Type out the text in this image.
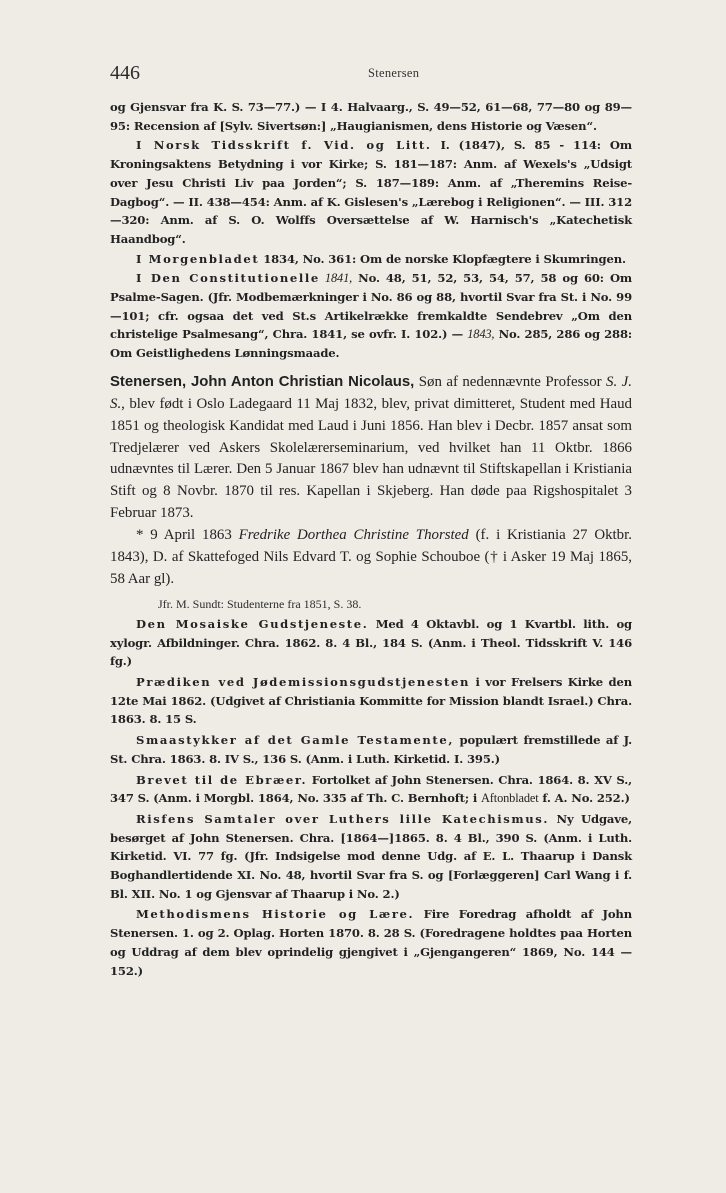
446	Stenersen

og Gjensvar fra K. S. 73—77.) — I 4. Halvaarg., S. 49—52, 61—68, 77—80 og 89—95: Recension af [Sylv. Sivertsøn:] „Haugianismen, dens Historie og Væsen“.

I Norsk Tidsskrift f. Vid. og Litt. I. (1847), S. 85 - 114: Om Kroningsaktens Betydning i vor Kirke; S. 181—187: Anm. af Wexels's „Udsigt over Jesu Christi Liv paa Jorden“; S. 187—189: Anm. af „Theremins Reise-Dagbog“. — II. 438—454: Anm. af K. Gislesen's „Lærebog i Religionen“. — III. 312—320: Anm. af S. O. Wolffs Oversættelse af W. Harnisch's „Katechetisk Haandbog“.

I Morgenbladet 1834, No. 361: Om de norske Klopfægtere i Skumringen.

I Den Constitutionelle 1841, No. 48, 51, 52, 53, 54, 57, 58 og 60: Om Psalme-Sagen. (Jfr. Modbemærkninger i No. 86 og 88, hvortil Svar fra St. i No. 99—101; cfr. ogsaa det ved St.s Artikelrække fremkaldte Sendebrev „Om den christelige Psalmesang“, Chra. 1841, se ovfr. I. 102.) — 1843, No. 285, 286 og 288: Om Geistlighedens Lønningsmaade.

Stenersen, John Anton Christian Nicolaus, Søn af nedennævnte Professor S. J. S., blev født i Oslo Ladegaard 11 Maj 1832, blev, privat dimitteret, Student med Haud 1851 og theologisk Kandidat med Laud i Juni 1856. Han blev i Decbr. 1857 ansat som Tredjelærer ved Askers Skolelærerseminarium, ved hvilket han 11 Oktbr. 1866 udnævntes til Lærer. Den 5 Januar 1867 blev han udnævnt til Stiftskapellan i Kristiania Stift og 8 Novbr. 1870 til res. Kapellan i Skjeberg. Han døde paa Rigshospitalet 3 Februar 1873.

* 9 April 1863 Fredrike Dorthea Christine Thorsted (f. i Kristiania 27 Oktbr. 1843), D. af Skattefoged Nils Edvard T. og Sophie Schouboe († i Asker 19 Maj 1865, 58 Aar gl).

Jfr. M. Sundt: Studenterne fra 1851, S. 38.

Den Mosaiske Gudstjeneste. Med 4 Oktavbl. og 1 Kvartbl. lith. og xylogr. Afbildninger. Chra. 1862. 8. 4 Bl., 184 S. (Anm. i Theol. Tidsskrift V. 146 fg.)

Prædiken ved Jødemissionsgudstjenesten i vor Frelsers Kirke den 12te Mai 1862. (Udgivet af Christiania Kommitte for Mission blandt Israel.) Chra. 1863. 8. 15 S.

Smaastykker af det Gamle Testamente, populært fremstillede af J. St. Chra. 1863. 8. IV S., 136 S. (Anm. i Luth. Kirketid. I. 395.)

Brevet til de Ebræer. Fortolket af John Stenersen. Chra. 1864. 8. XV S., 347 S. (Anm. i Morgbl. 1864, No. 335 af Th. C. Bernhoft; i Aftonbladet f. A. No. 252.)

Risfens Samtaler over Luthers lille Katechismus. Ny Udgave, besørget af John Stenersen. Chra. [1864—]1865. 8. 4 Bl., 390 S. (Anm. i Luth. Kirketid. VI. 77 fg. (Jfr. Indsigelse mod denne Udg. af E. L. Thaarup i Dansk Boghandlertidende XI. No. 48, hvortil Svar fra S. og [Forlæggeren] Carl Wang i f. Bl. XII. No. 1 og Gjensvar af Thaarup i No. 2.)

Methodismens Historie og Lære. Fire Foredrag afholdt af John Stenersen. 1. og 2. Oplag. Horten 1870. 8. 28 S. (Foredragene holdtes paa Horten og Uddrag af dem blev oprindelig gjengivet i „Gjengangeren“ 1869, No. 144 —152.)
